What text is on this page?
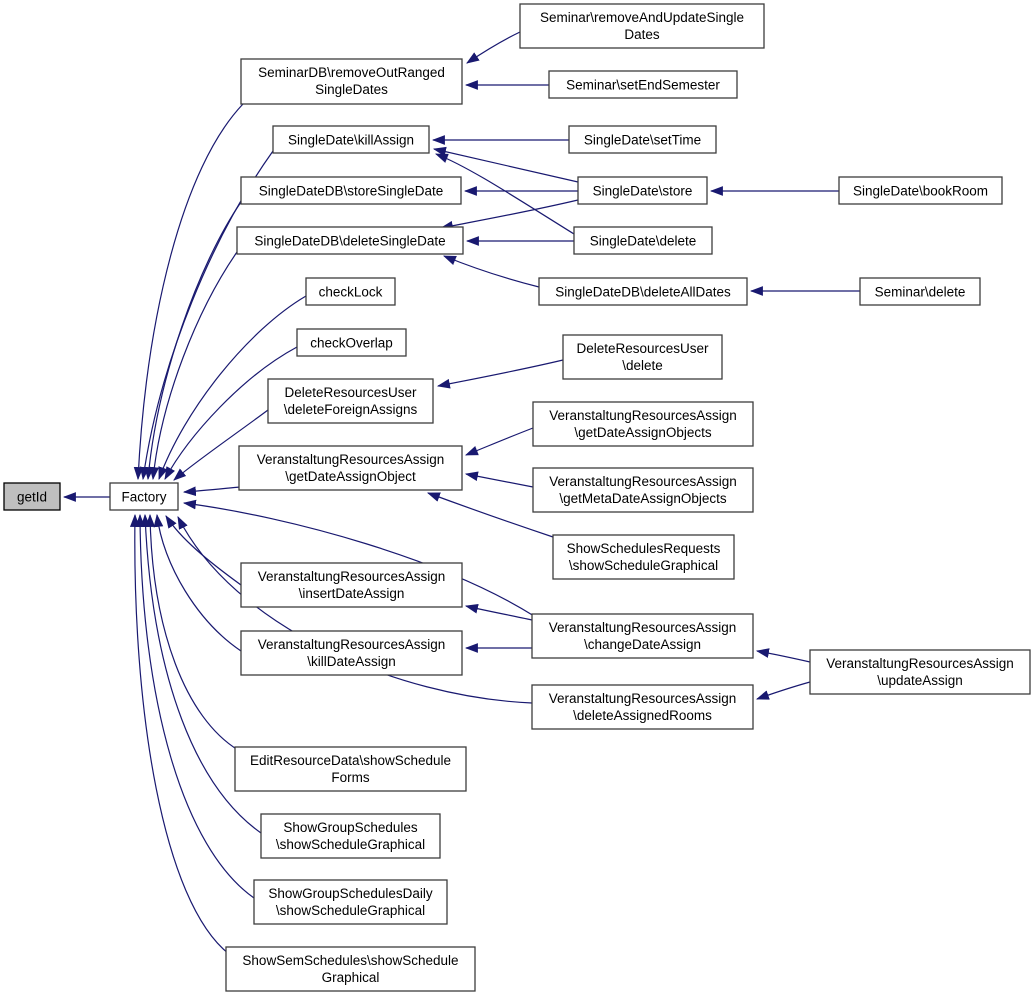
Seminar\removeAndUpdateSingle Dates
SeminarDB\removeOutRanged SingleDates	Seminar\setEndSemester
SingleDate\killAssign	SingleDate\setTime
SingleDateDB\storeSingleDate	SingleDate\store	SingleDate\bookRoom
SingleDateDB\deleteSingleDate	SingleDate\delete
checkLock	SingleDateDB\deleteAllDates	Seminar\delete
checkOverlap	DeleteResourcesUser \delete
DeleteResourcesUser \deleteForeignAssigns	VeranstaltungResourcesAssign \getDateAssignObjects
VeranstaltungResourcesAssign \getDateAssignObject	VeranstaltungResourcesAssign \getMetaDateAssignObjects
getId	Factory
ShowSchedulesRequests \showScheduleGraphical
VeranstaltungResourcesAssign \insertDateAssign
VeranstaltungResourcesAssign \changeDateAssign
VeranstaltungResourcesAssign \killDateAssign	VeranstaltungResourcesAssign \updateAssign
VeranstaltungResourcesAssign \deleteAssignedRooms
EditResourceData\showSchedule Forms
ShowGroupSchedules \showScheduleGraphical
ShowGroupSchedulesDaily \showScheduleGraphical
ShowSemSchedules\showSchedule Graphical
